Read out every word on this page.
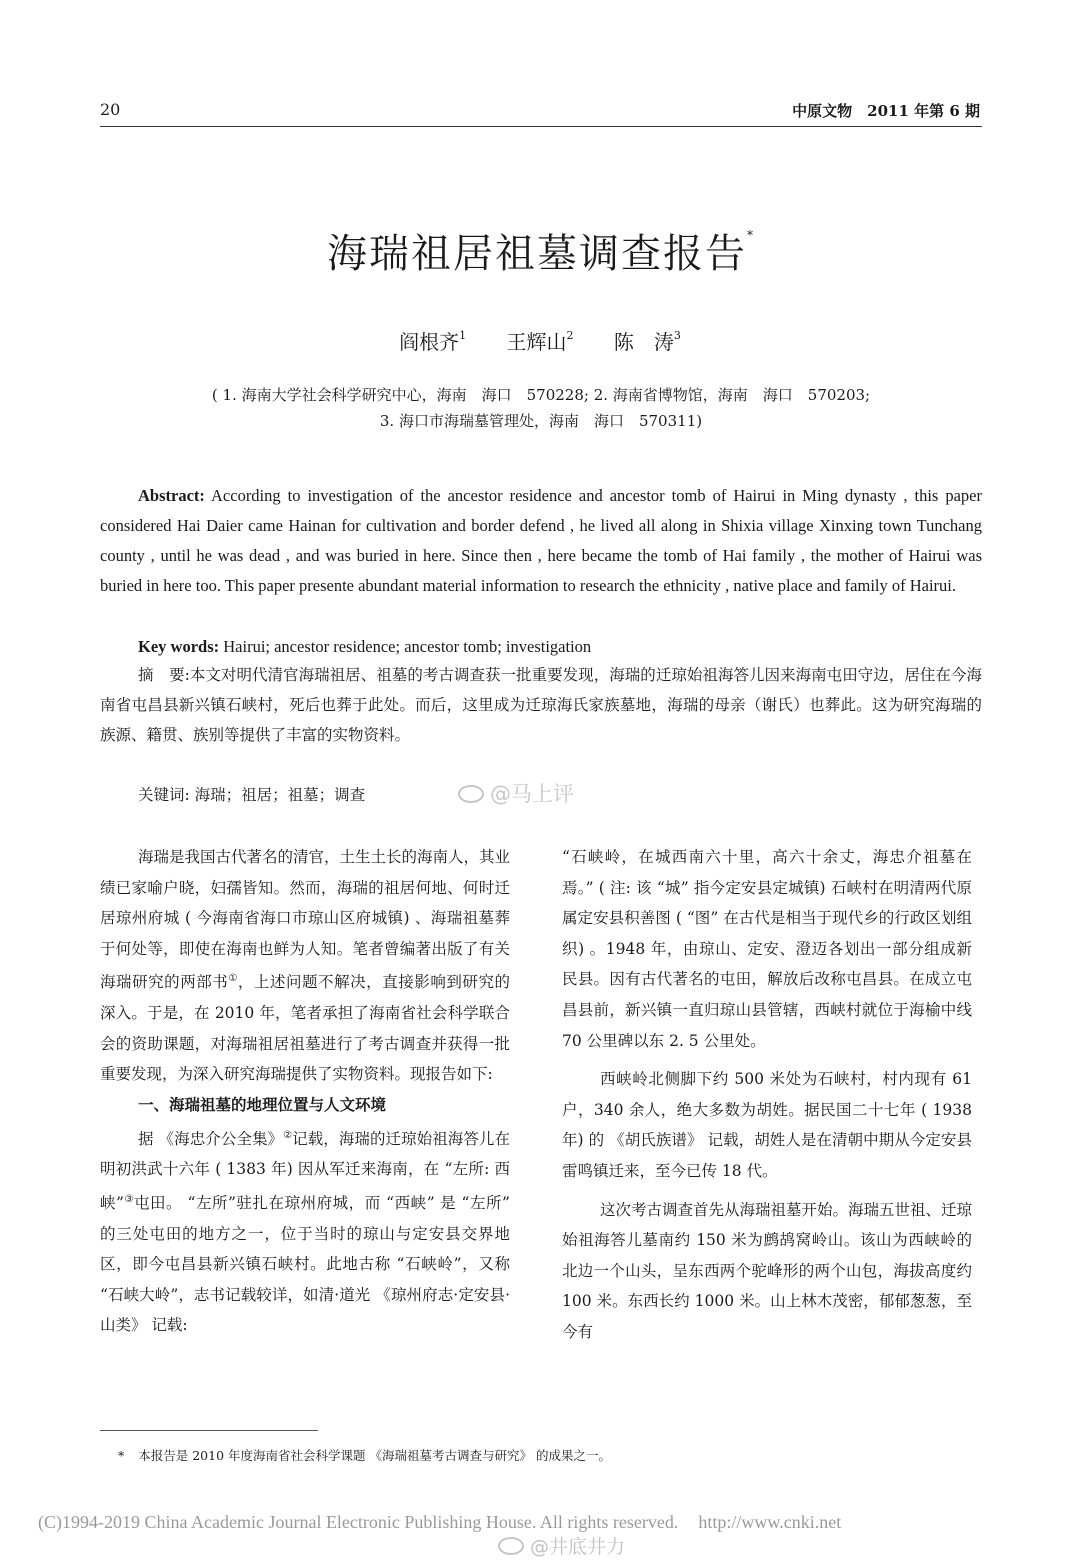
20	中原文物　2011 年第 6 期
海瑞祖居祖墓调查报告*
阎根齐$^1$ 王辉山$^2$ 陈　涛$^3$
( 1. 海南大学社会科学研究中心，海南　海口　570228; 2. 海南省博物馆，海南　海口　570203;
3. 海口市海瑞墓管理处，海南　海口　570311)
Abstract: According to investigation of the ancestor residence and ancestor tomb of Hairui in Ming dynasty , this paper considered Hai Daier came Hainan for cultivation and border defend , he lived all along in Shixia village Xinxing town Tunchang county , until he was dead , and was buried in here. Since then , here became the tomb of Hai family , the mother of Hairui was buried in here too. This paper presente abundant material information to research the ethnicity , native place and family of Hairui.
Key words: Hairui; ancestor residence; ancestor tomb; investigation
摘　要:本文对明代清官海瑞祖居、祖墓的考古调查获一批重要发现，海瑞的迁琼始祖海答儿因来海南屯田守边，居住在今海南省屯昌县新兴镇石峡村，死后也葬于此处。而后，这里成为迁琼海氏家族墓地，海瑞的母亲（谢氏）也葬此。这为研究海瑞的族源、籍贯、族别等提供了丰富的实物资料。
关键词: 海瑞；祖居；祖墓；调查	@马上评

海瑞是我国古代著名的清官，土生土长的海南人，其业绩已家喻户晓，妇孺皆知。然而，海瑞的祖居何地、何时迁居琼州府城 ( 今海南省海口市琼山区府城镇) 、海瑞祖墓葬于何处等，即使在海南也鲜为人知。笔者曾编著出版了有关海瑞研究的两部书①，上述问题不解决，直接影响到研究的深入。于是，在 2010 年，笔者承担了海南省社会科学联合会的资助课题，对海瑞祖居祖墓进行了考古调查并获得一批重要发现，为深入研究海瑞提供了实物资料。现报告如下:

一、海瑞祖墓的地理位置与人文环境

据 《海忠介公全集》②记载，海瑞的迁琼始祖海答儿在明初洪武十六年 ( 1383 年) 因从军迁来海南，在 “左所: 西峡”③屯田。 “左所”驻扎在琼州府城，而 “西峡” 是 “左所” 的三处屯田的地方之一，位于当时的琼山与定安县交界地区，即今屯昌县新兴镇石峡村。此地古称 “石峡岭”，又称 “石峡大岭”，志书记载较详，如清·道光 《琼州府志·定安县·山类》 记载:

“石峡岭，在城西南六十里，高六十余丈，海忠介祖墓在焉。” ( 注: 该 “城” 指今定安县定城镇) 石峡村在明清两代原属定安县积善图 ( “图” 在古代是相当于现代乡的行政区划组织) 。1948 年，由琼山、定安、澄迈各划出一部分组成新民县。因有古代著名的屯田，解放后改称屯昌县。在成立屯昌县前，新兴镇一直归琼山县管辖，西峡村就位于海榆中线 70 公里碑以东 2. 5 公里处。

西峡岭北侧脚下约 500 米处为石峡村，村内现有 61 户，340 余人，绝大多数为胡姓。据民国二十七年 ( 1938 年) 的 《胡氏族谱》 记载，胡姓人是在清朝中期从今定安县雷鸣镇迁来，至今已传 18 代。

这次考古调查首先从海瑞祖墓开始。海瑞五世祖、迁琼始祖海答儿墓南约 150 米为鹧鸪窝岭山。该山为西峡岭的北边一个山头，呈东西两个驼峰形的两个山包，海拔高度约 100 米。东西长约 1000 米。山上林木茂密，郁郁葱葱，至今有

* 本报告是 2010 年度海南省社会科学课题 《海瑞祖墓考古调查与研究》 的成果之一。
(C)1994-2019 China Academic Journal Electronic Publishing House. All rights reserved. http://www.cnki.net
@井底井力
